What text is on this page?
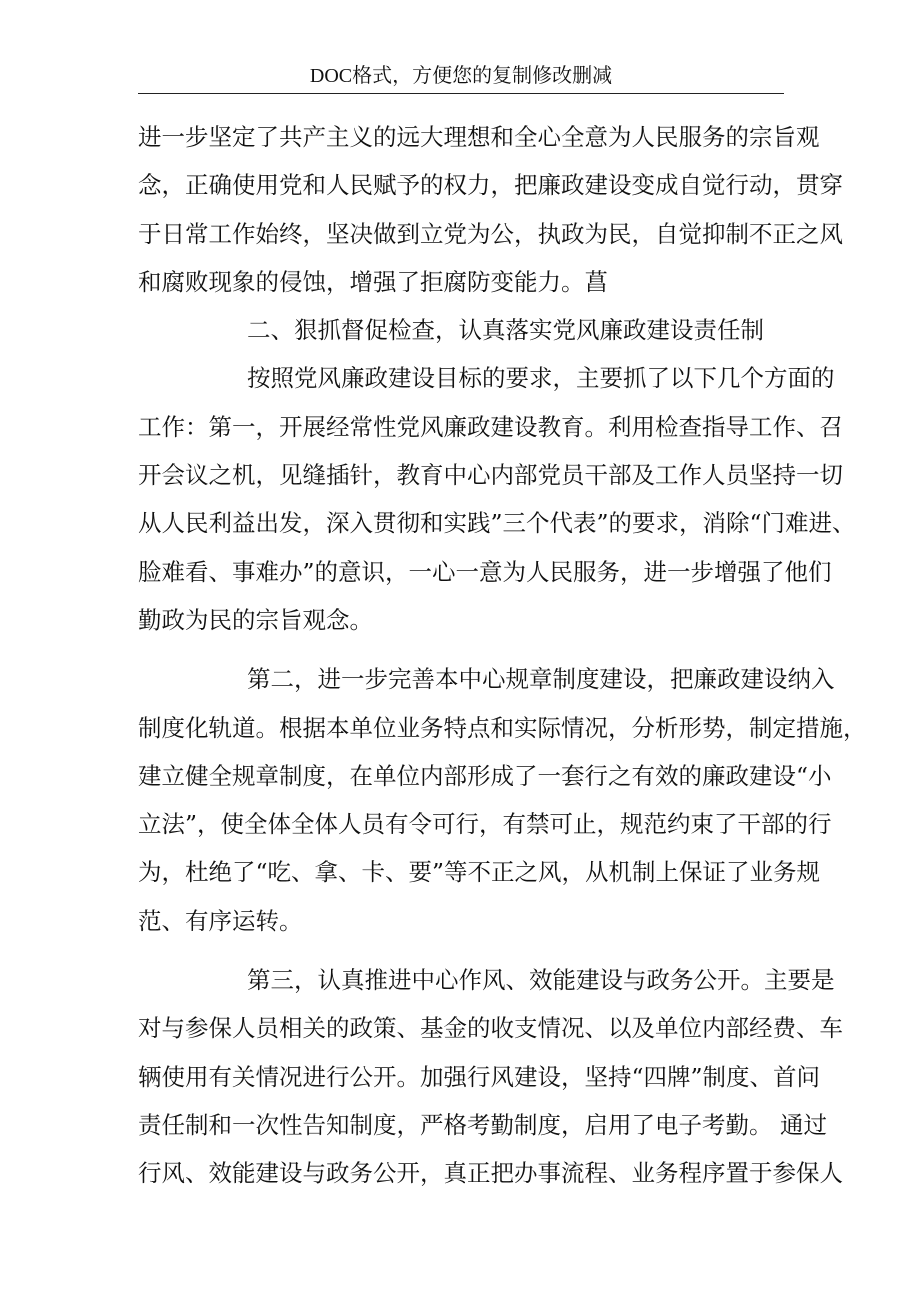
DOC格式，方便您的复制修改删减
进一步坚定了共产主义的远大理想和全心全意为人民服务的宗旨观
念，正确使用党和人民赋予的权力，把廉政建设变成自觉行动，贯穿
于日常工作始终，坚决做到立党为公，执政为民，自觉抑制不正之风
和腐败现象的侵蚀，增强了拒腐防变能力。菖
二、狠抓督促检查，认真落实党风廉政建设责任制
按照党风廉政建设目标的要求，主要抓了以下几个方面的
工作：第一，开展经常性党风廉政建设教育。利用检查指导工作、召
开会议之机，见缝插针，教育中心内部党员干部及工作人员坚持一切
从人民利益出发，深入贯彻和实践”三个代表”的要求，消除“门难进、
脸难看、事难办”的意识，一心一意为人民服务，进一步增强了他们
勤政为民的宗旨观念。
第二，进一步完善本中心规章制度建设，把廉政建设纳入
制度化轨道。根据本单位业务特点和实际情况，分析形势，制定措施，
建立健全规章制度，在单位内部形成了一套行之有效的廉政建设“小
立法”，使全体全体人员有令可行，有禁可止，规范约束了干部的行
为，杜绝了“吃、拿、卡、要”等不正之风，从机制上保证了业务规
范、有序运转。
第三，认真推进中心作风、效能建设与政务公开。主要是
对与参保人员相关的政策、基金的收支情况、以及单位内部经费、车
辆使用有关情况进行公开。加强行风建设，坚持“四牌”制度、首问
责任制和一次性告知制度，严格考勤制度，启用了电子考勤。 通过
行风、效能建设与政务公开，真正把办事流程、业务程序置于参保人
